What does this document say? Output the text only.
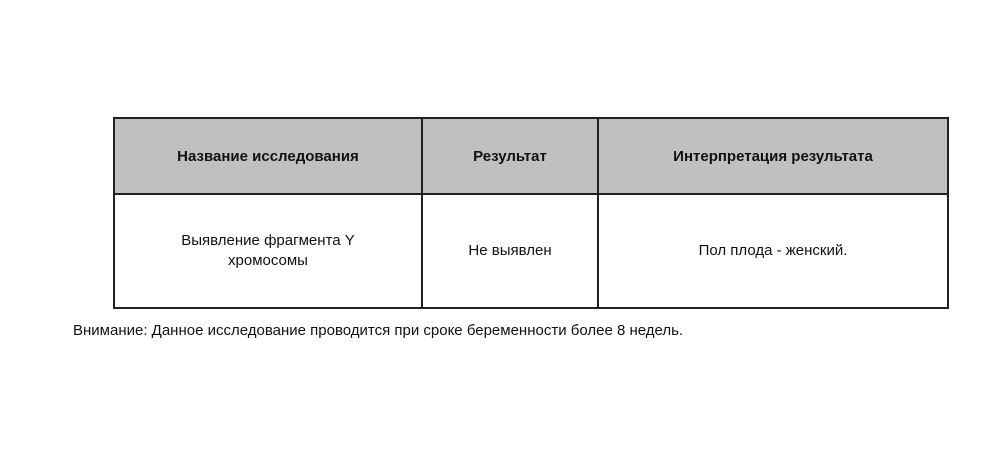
Название исследования	Результат	Интерпретация результата
Выявление фрагмента Y хромосомы	Не выявлен	Пол плода - женский.
Внимание: Данное исследование проводится при сроке беременности более 8 недель.
